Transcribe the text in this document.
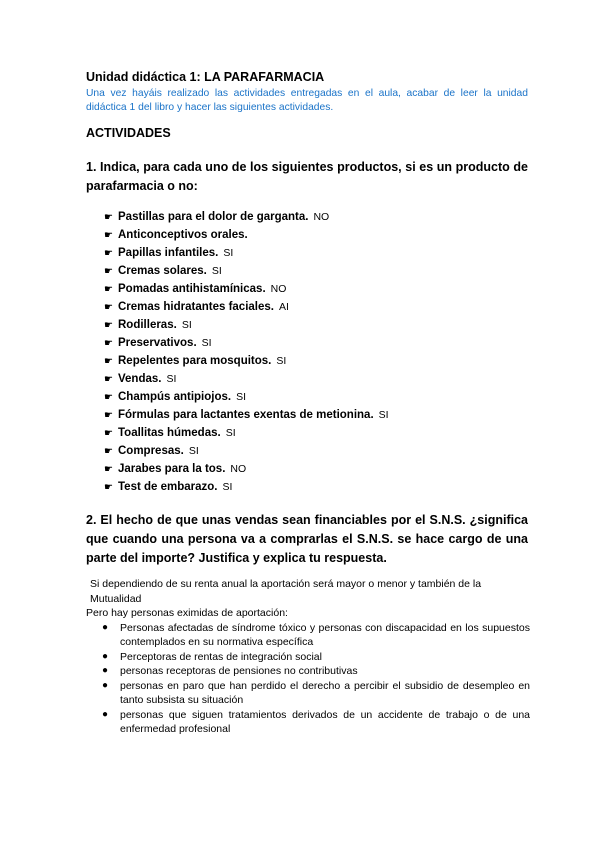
Unidad didáctica 1: LA PARAFARMACIA
Una vez hayáis realizado las actividades entregadas en el aula, acabar de leer la unidad didáctica 1 del libro y hacer las siguientes actividades.
ACTIVIDADES
1. Indica, para cada uno de los siguientes productos, si es un producto de parafarmacia o no:
☛ Pastillas para el dolor de garganta. NO
☛ Anticonceptivos orales.
☛ Papillas infantiles. SI
☛ Cremas solares. SI
☛ Pomadas antihistamínicas. NO
☛ Cremas hidratantes faciales. AI
☛ Rodilleras. SI
☛ Preservativos. SI
☛ Repelentes para mosquitos. SI
☛ Vendas. SI
☛ Champús antipiojos. SI
☛ Fórmulas para lactantes exentas de metionina. SI
☛ Toallitas húmedas. SI
☛ Compresas. SI
☛ Jarabes para la tos. NO
☛ Test de embarazo. SI
2. El hecho de que unas vendas sean financiables por el S.N.S. ¿significa que cuando una persona va a comprarlas el S.N.S. se hace cargo de una parte del importe? Justifica y explica tu respuesta.

Si dependiendo de su renta anual la aportación será mayor o menor y también de la Mutualidad

Pero hay personas eximidas de aportación:

● Personas afectadas de síndrome tóxico y personas con discapacidad en los supuestos contemplados en su normativa específica
● Perceptoras de rentas de integración social
● personas receptoras de pensiones no contributivas
● personas en paro que han perdido el derecho a percibir el subsidio de desempleo en tanto subsista su situación
● personas que siguen tratamientos derivados de un accidente de trabajo o de una enfermedad profesional
